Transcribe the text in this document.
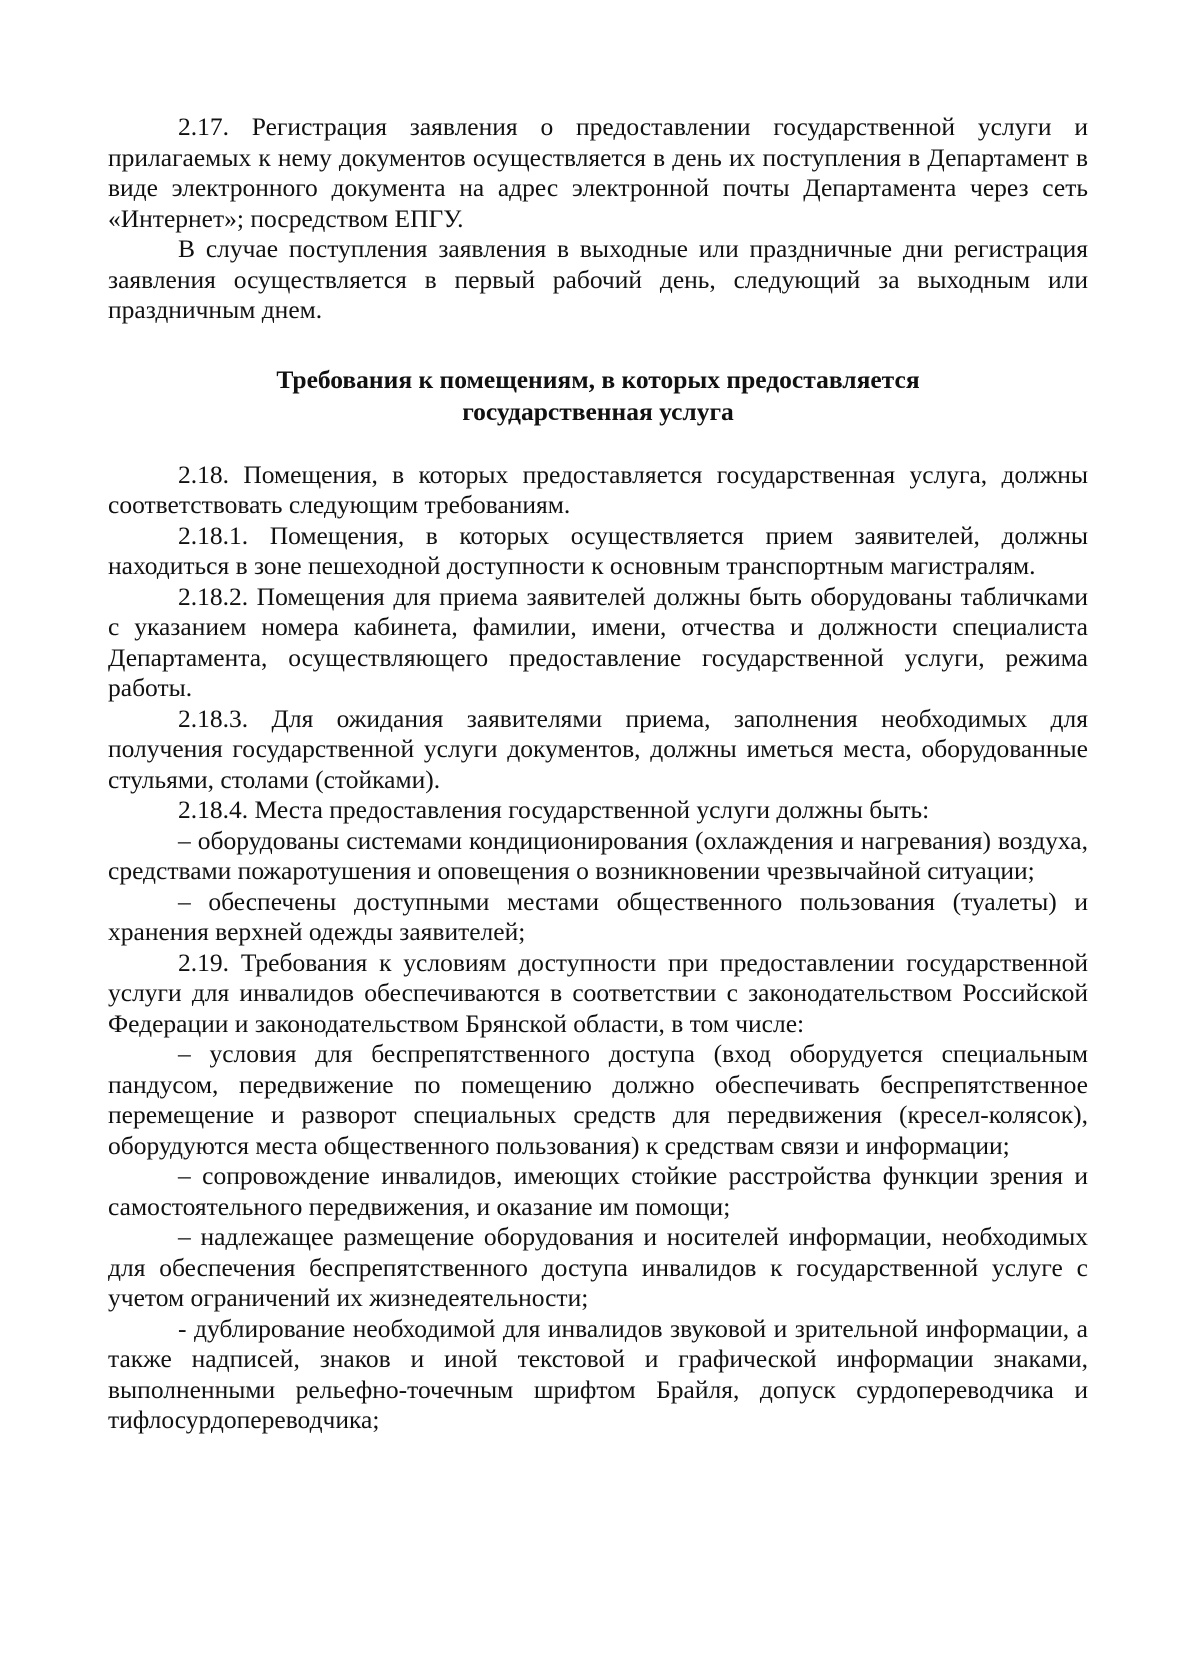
2.17. Регистрация заявления о предоставлении государственной услуги и прилагаемых к нему документов осуществляется в день их поступления в Департамент в виде электронного документа на адрес электронной почты Департамента через сеть «Интернет»; посредством ЕПГУ.

В случае поступления заявления в выходные или праздничные дни регистрация заявления осуществляется в первый рабочий день, следующий за выходным или праздничным днем.

Требования к помещениям, в которых предоставляется
государственная услуга

2.18. Помещения, в которых предоставляется государственная услуга, должны соответствовать следующим требованиям.

2.18.1. Помещения, в которых осуществляется прием заявителей, должны находиться в зоне пешеходной доступности к основным транспортным магистралям.

2.18.2. Помещения для приема заявителей должны быть оборудованы табличками с указанием номера кабинета, фамилии, имени, отчества и должности специалиста Департамента, осуществляющего предоставление государственной услуги, режима работы.

2.18.3. Для ожидания заявителями приема, заполнения необходимых для получения государственной услуги документов, должны иметься места, оборудованные стульями, столами (стойками).

2.18.4. Места предоставления государственной услуги должны быть:

– оборудованы системами кондиционирования (охлаждения и нагревания) воздуха, средствами пожаротушения и оповещения о возникновении чрезвычайной ситуации;

– обеспечены доступными местами общественного пользования (туалеты) и хранения верхней одежды заявителей;

2.19. Требования к условиям доступности при предоставлении государственной услуги для инвалидов обеспечиваются в соответствии с законодательством Российской Федерации и законодательством Брянской области, в том числе:

– условия для беспрепятственного доступа (вход оборудуется специальным пандусом, передвижение по помещению должно обеспечивать беспрепятственное перемещение и разворот специальных средств для передвижения (кресел-колясок), оборудуются места общественного пользования) к средствам связи и информации;

– сопровождение инвалидов, имеющих стойкие расстройства функции зрения и самостоятельного передвижения, и оказание им помощи;

– надлежащее размещение оборудования и носителей информации, необходимых для обеспечения беспрепятственного доступа инвалидов к государственной услуге с учетом ограничений их жизнедеятельности;

- дублирование необходимой для инвалидов звуковой и зрительной информации, а также надписей, знаков и иной текстовой и графической информации знаками, выполненными рельефно-точечным шрифтом Брайля, допуск сурдопереводчика и тифлосурдопереводчика;
